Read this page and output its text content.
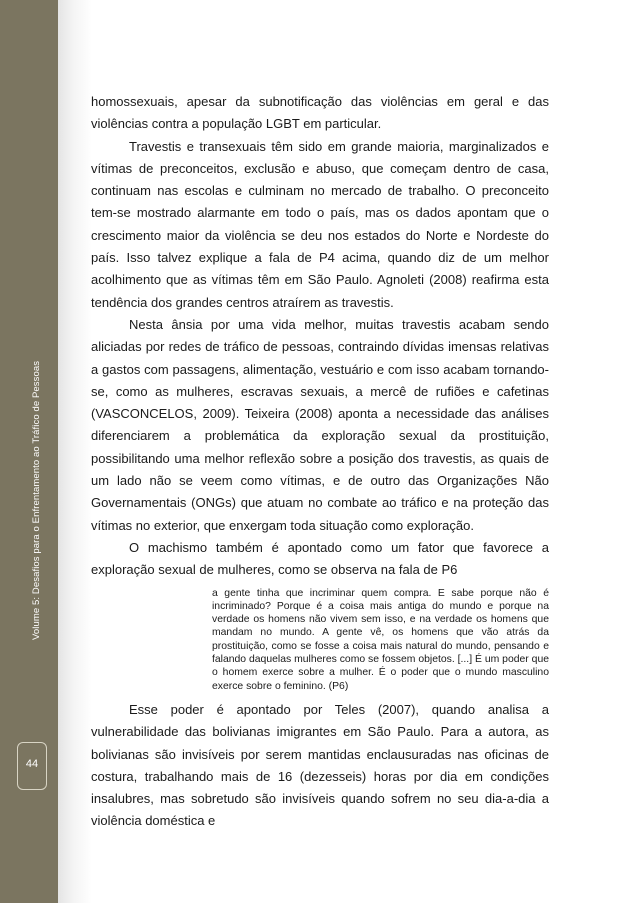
Volume 5: Desafios para o Enfrentamento ao Tráfico de Pessoas
44

homossexuais, apesar da subnotificação das violências em geral e das violências contra a população LGBT em particular.

Travestis e transexuais têm sido em grande maioria, marginalizados e vítimas de preconceitos, exclusão e abuso, que começam dentro de casa, continuam nas escolas e culminam no mercado de trabalho. O preconceito tem-se mostrado alarmante em todo o país, mas os dados apontam que o crescimento maior da violência se deu nos estados do Norte e Nordeste do país. Isso talvez explique a fala de P4 acima, quando diz de um melhor acolhimento que as vítimas têm em São Paulo. Agnoleti (2008) reafirma esta tendência dos grandes centros atraírem as travestis.

Nesta ânsia por uma vida melhor, muitas travestis acabam sendo aliciadas por redes de tráfico de pessoas, contraindo dívidas imensas relativas a gastos com passagens, alimentação, vestuário e com isso acabam tornando-se, como as mulheres, escravas sexuais, a mercê de rufiões e cafetinas (VASCONCELOS, 2009). Teixeira (2008) aponta a necessidade das análises diferenciarem a problemática da exploração sexual da prostituição, possibilitando uma melhor reflexão sobre a posição dos travestis, as quais de um lado não se veem como vítimas, e de outro das Organizações Não Governamentais (ONGs) que atuam no combate ao tráfico e na proteção das vítimas no exterior, que enxergam toda situação como exploração.

O machismo também é apontado como um fator que favorece a exploração sexual de mulheres, como se observa na fala de P6

a gente tinha que incriminar quem compra. E sabe porque não é incriminado? Porque é a coisa mais antiga do mundo e porque na verdade os homens não vivem sem isso, e na verdade os homens que mandam no mundo. A gente vê, os homens que vão atrás da prostituição, como se fosse a coisa mais natural do mundo, pensando e falando daquelas mulheres como se fossem objetos. [...] É um poder que o homem exerce sobre a mulher. É o poder que o mundo masculino exerce sobre o feminino. (P6)

Esse poder é apontado por Teles (2007), quando analisa a vulnerabilidade das bolivianas imigrantes em São Paulo. Para a autora, as bolivianas são invisíveis por serem mantidas enclausuradas nas oficinas de costura, trabalhando mais de 16 (dezesseis) horas por dia em condições insalubres, mas sobretudo são invisíveis quando sofrem no seu dia-a-dia a violência doméstica e
